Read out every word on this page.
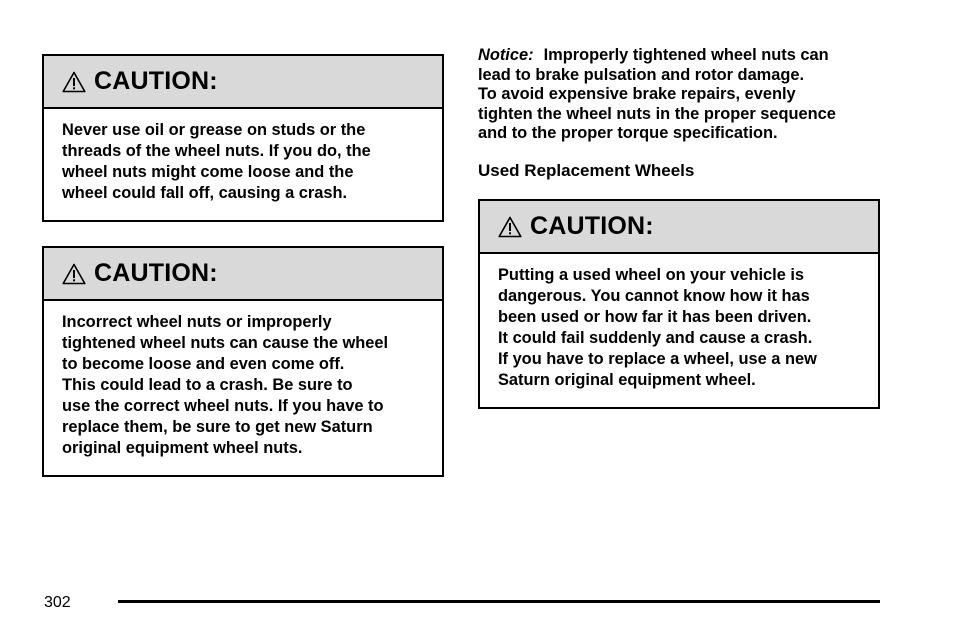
CAUTION:

Never use oil or grease on studs or the

threads of the wheel nuts. If you do, the

wheel nuts might come loose and the

wheel could fall off, causing a crash.

CAUTION:

Incorrect wheel nuts or improperly

tightened wheel nuts can cause the wheel

to become loose and even come off.

This could lead to a crash. Be sure to

use the correct wheel nuts. If you have to

replace them, be sure to get new Saturn

original equipment wheel nuts.

Notice: Improperly tightened wheel nuts can

lead to brake pulsation and rotor damage.

To avoid expensive brake repairs, evenly

tighten the wheel nuts in the proper sequence

and to the proper torque specification.

Used Replacement Wheels
CAUTION:

Putting a used wheel on your vehicle is

dangerous. You cannot know how it has

been used or how far it has been driven.

It could fail suddenly and cause a crash.

If you have to replace a wheel, use a new

Saturn original equipment wheel.

302
